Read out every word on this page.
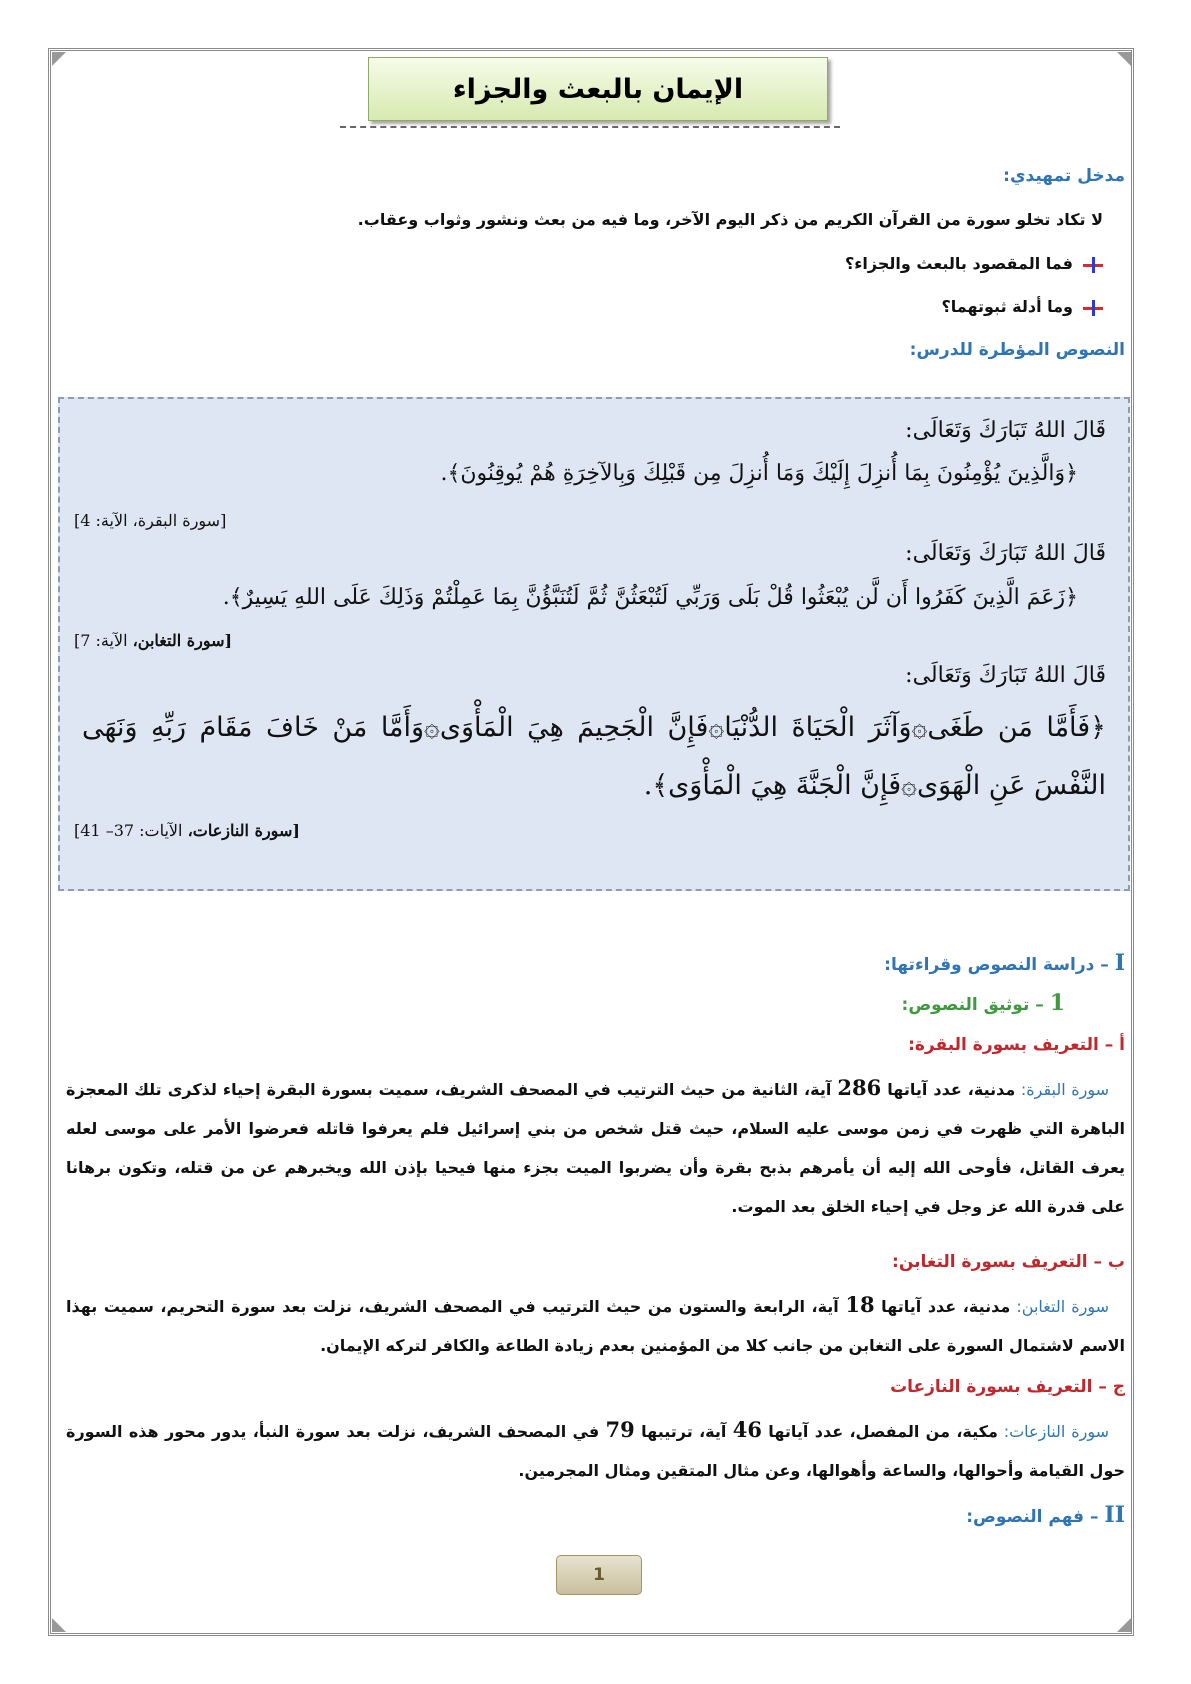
الإيمان بالبعث والجزاء
مدخل تمهيدي:
لا تكاد تخلو سورة من القرآن الكريم من ذكر اليوم الآخر، وما فيه من بعث ونشور وثواب وعقاب.
فما المقصود بالبعث والجزاء؟
وما أدلة ثبوتهما؟
النصوص المؤطرة للدرس:
قَالَ اللهُ تَبَارَكَ وَتَعَالَى:
﴿وَالَّذِينَ يُؤْمِنُونَ بِمَا أُنزِلَ إِلَيْكَ وَمَا أُنزِلَ مِن قَبْلِكَ وَبِالآخِرَةِ هُمْ يُوقِنُونَ﴾.
[سورة البقرة، الآية: 4]
قَالَ اللهُ تَبَارَكَ وَتَعَالَى:
﴿زَعَمَ الَّذِينَ كَفَرُوا أَن لَّن يُبْعَثُوا قُلْ بَلَى وَرَبِّي لَتُبْعَثُنَّ ثُمَّ لَتُنَبَّؤُنَّ بِمَا عَمِلْتُمْ وَذَلِكَ عَلَى اللهِ يَسِيرٌ﴾.
[سورة التغابن، الآية: 7]
قَالَ اللهُ تَبَارَكَ وَتَعَالَى:
﴿فَأَمَّا مَن طَغَى۞وَآثَرَ الْحَيَاةَ الدُّنْيَا۞فَإِنَّ الْجَحِيمَ هِيَ الْمَأْوَى۞وَأَمَّا مَنْ خَافَ مَقَامَ رَبِّهِ وَنَهَى النَّفْسَ عَنِ الْهَوَى۞فَإِنَّ الْجَنَّةَ هِيَ الْمَأْوَى﴾.
[سورة النازعات، الآيات: 37– 41]
I – دراسة النصوص وقراءتها:
1 – توثيق النصوص:
أ – التعريف بسورة البقرة:
 سورة البقرة: مدنية، عدد آياتها 286 آية، الثانية من حيث الترتيب في المصحف الشريف، سميت بسورة البقرة إحياء لذكرى تلك المعجزة الباهرة التي ظهرت في زمن موسى عليه السلام، حيث قتل شخص من بني إسرائيل فلم يعرفوا قاتله فعرضوا الأمر على موسى لعله يعرف القاتل، فأوحى الله إليه أن يأمرهم بذبح بقرة وأن يضربوا الميت بجزء منها فيحيا بإذن الله ويخبرهم عن من قتله، وتكون برهانا على قدرة الله عز وجل في إحياء الخلق بعد الموت.
ب – التعريف بسورة التغابن:
 سورة التغابن: مدنية، عدد آياتها 18 آية، الرابعة والستون من حيث الترتيب في المصحف الشريف، نزلت بعد سورة التحريم، سميت بهذا الاسم لاشتمال السورة على التغابن من جانب كلا من المؤمنين بعدم زيادة الطاعة والكافر لتركه الإيمان.
ج – التعريف بسورة النازعات
 سورة النازعات: مكية، من المفصل، عدد آياتها 46 آية، ترتيبها 79 في المصحف الشريف، نزلت بعد سورة النبأ، يدور محور هذه السورة حول القيامة وأحوالها، والساعة وأهوالها، وعن مثال المتقين ومثال المجرمين.
II – فهم النصوص:
1
